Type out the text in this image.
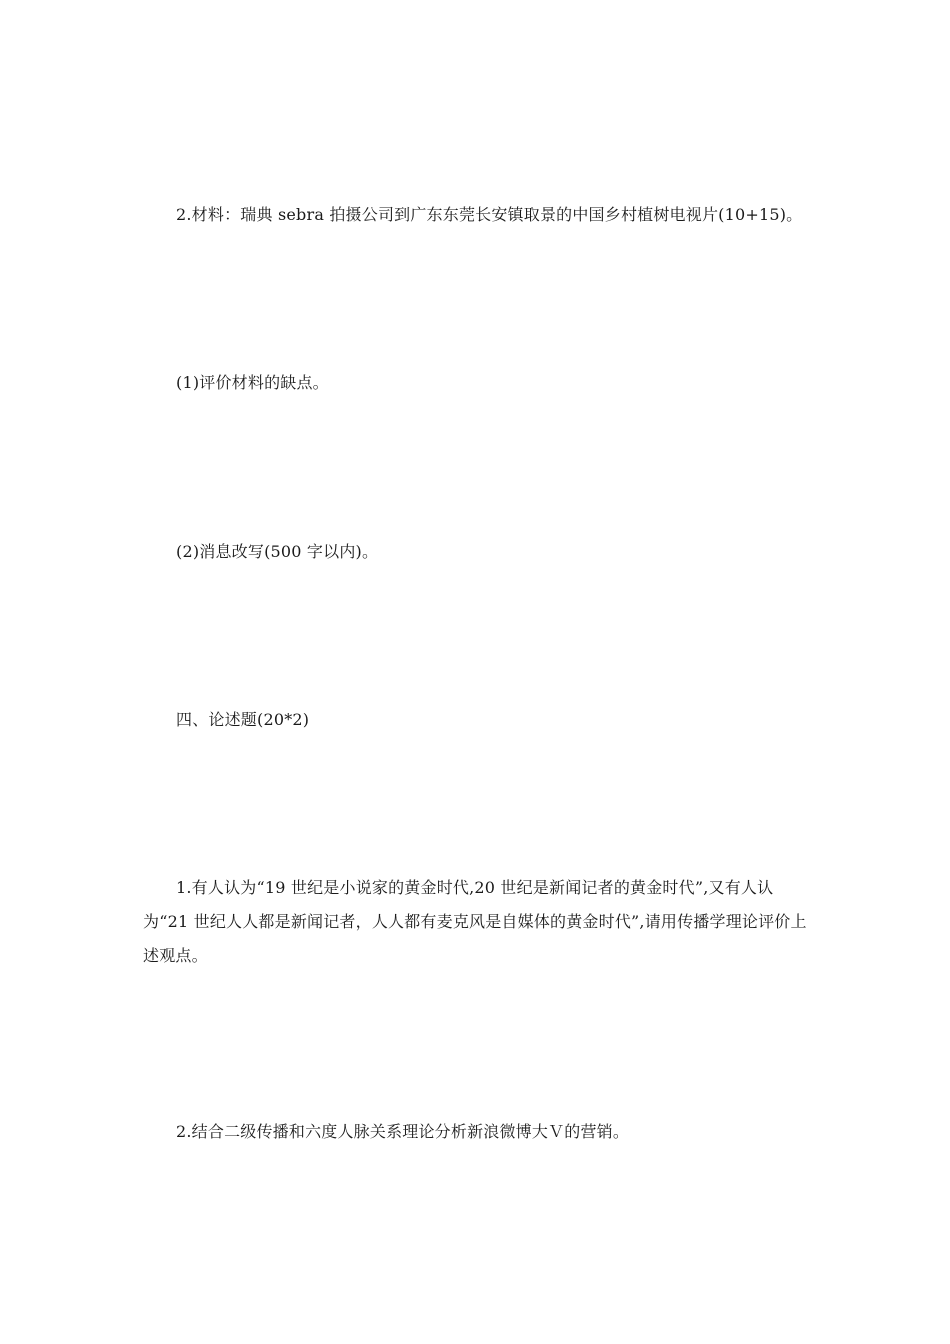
2.材料：瑞典 sebra 拍摄公司到广东东莞长安镇取景的中国乡村植树电视片(10+15)。

(1)评价材料的缺点。

(2)消息改写(500 字以内)。

四、论述题(20*2)

1.有人认为“19 世纪是小说家的黄金时代,20 世纪是新闻记者的黄金时代”,又有人认为“21 世纪人人都是新闻记者，人人都有麦克风是自媒体的黄金时代”,请用传播学理论评价上述观点。

2.结合二级传播和六度人脉关系理论分析新浪微博大Ｖ的营销。
